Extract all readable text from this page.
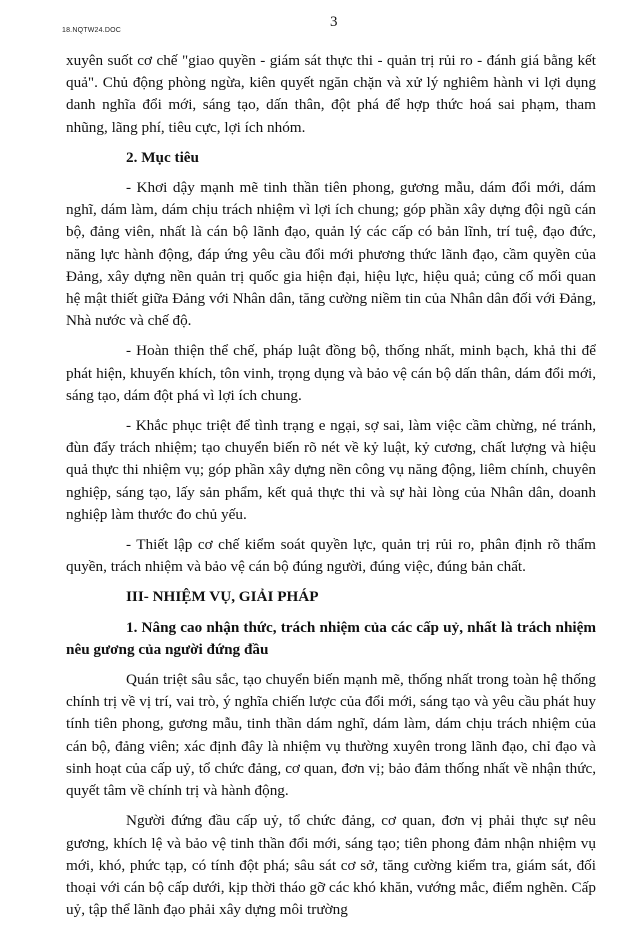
18.NQTW24.DOC
3

xuyên suốt cơ chế "giao quyền - giám sát thực thi - quản trị rủi ro - đánh giá bằng kết quả". Chủ động phòng ngừa, kiên quyết ngăn chặn và xử lý nghiêm hành vi lợi dụng danh nghĩa đổi mới, sáng tạo, dấn thân, đột phá để hợp thức hoá sai phạm, tham nhũng, lãng phí, tiêu cực, lợi ích nhóm.

2. Mục tiêu

- Khơi dậy mạnh mẽ tinh thần tiên phong, gương mẫu, dám đổi mới, dám nghĩ, dám làm, dám chịu trách nhiệm vì lợi ích chung; góp phần xây dựng đội ngũ cán bộ, đảng viên, nhất là cán bộ lãnh đạo, quản lý các cấp có bản lĩnh, trí tuệ, đạo đức, năng lực hành động, đáp ứng yêu cầu đổi mới phương thức lãnh đạo, cầm quyền của Đảng, xây dựng nền quản trị quốc gia hiện đại, hiệu lực, hiệu quả; củng cố mối quan hệ mật thiết giữa Đảng với Nhân dân, tăng cường niềm tin của Nhân dân đối với Đảng, Nhà nước và chế độ.

- Hoàn thiện thể chế, pháp luật đồng bộ, thống nhất, minh bạch, khả thi để phát hiện, khuyến khích, tôn vinh, trọng dụng và bảo vệ cán bộ dấn thân, dám đổi mới, sáng tạo, dám đột phá vì lợi ích chung.

- Khắc phục triệt để tình trạng e ngại, sợ sai, làm việc cầm chừng, né tránh, đùn đẩy trách nhiệm; tạo chuyển biến rõ nét về kỷ luật, kỷ cương, chất lượng và hiệu quả thực thi nhiệm vụ; góp phần xây dựng nền công vụ năng động, liêm chính, chuyên nghiệp, sáng tạo, lấy sản phẩm, kết quả thực thi và sự hài lòng của Nhân dân, doanh nghiệp làm thước đo chủ yếu.

- Thiết lập cơ chế kiểm soát quyền lực, quản trị rủi ro, phân định rõ thẩm quyền, trách nhiệm và bảo vệ cán bộ đúng người, đúng việc, đúng bản chất.

III- NHIỆM VỤ, GIẢI PHÁP
1. Nâng cao nhận thức, trách nhiệm của các cấp uỷ, nhất là trách nhiệm nêu gương của người đứng đầu

Quán triệt sâu sắc, tạo chuyển biến mạnh mẽ, thống nhất trong toàn hệ thống chính trị về vị trí, vai trò, ý nghĩa chiến lược của đổi mới, sáng tạo và yêu cầu phát huy tính tiên phong, gương mẫu, tinh thần dám nghĩ, dám làm, dám chịu trách nhiệm của cán bộ, đảng viên; xác định đây là nhiệm vụ thường xuyên trong lãnh đạo, chỉ đạo và sinh hoạt của cấp uỷ, tổ chức đảng, cơ quan, đơn vị; bảo đảm thống nhất về nhận thức, quyết tâm về chính trị và hành động.

Người đứng đầu cấp uỷ, tổ chức đảng, cơ quan, đơn vị phải thực sự nêu gương, khích lệ và bảo vệ tinh thần đổi mới, sáng tạo; tiên phong đảm nhận nhiệm vụ mới, khó, phức tạp, có tính đột phá; sâu sát cơ sở, tăng cường kiểm tra, giám sát, đối thoại với cán bộ cấp dưới, kịp thời tháo gỡ các khó khăn, vướng mắc, điểm nghẽn. Cấp uỷ, tập thể lãnh đạo phải xây dựng môi trường
